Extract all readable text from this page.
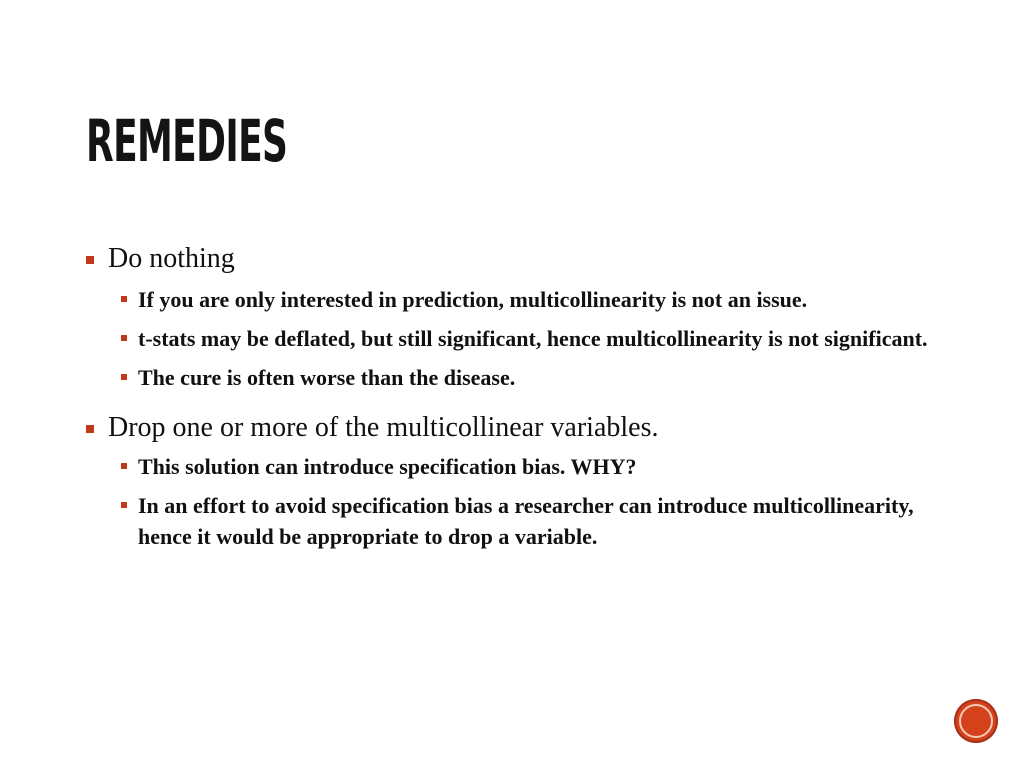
REMEDIES
Do nothing
If you are only interested in prediction, multicollinearity is not an issue.
t-stats may be deflated, but still significant, hence multicollinearity is not significant.
The cure is often worse than the disease.
Drop one or more of the multicollinear variables.
This solution can introduce specification bias. WHY?
In an effort to avoid specification bias a researcher can introduce multicollinearity, hence it would be appropriate to drop a variable.
